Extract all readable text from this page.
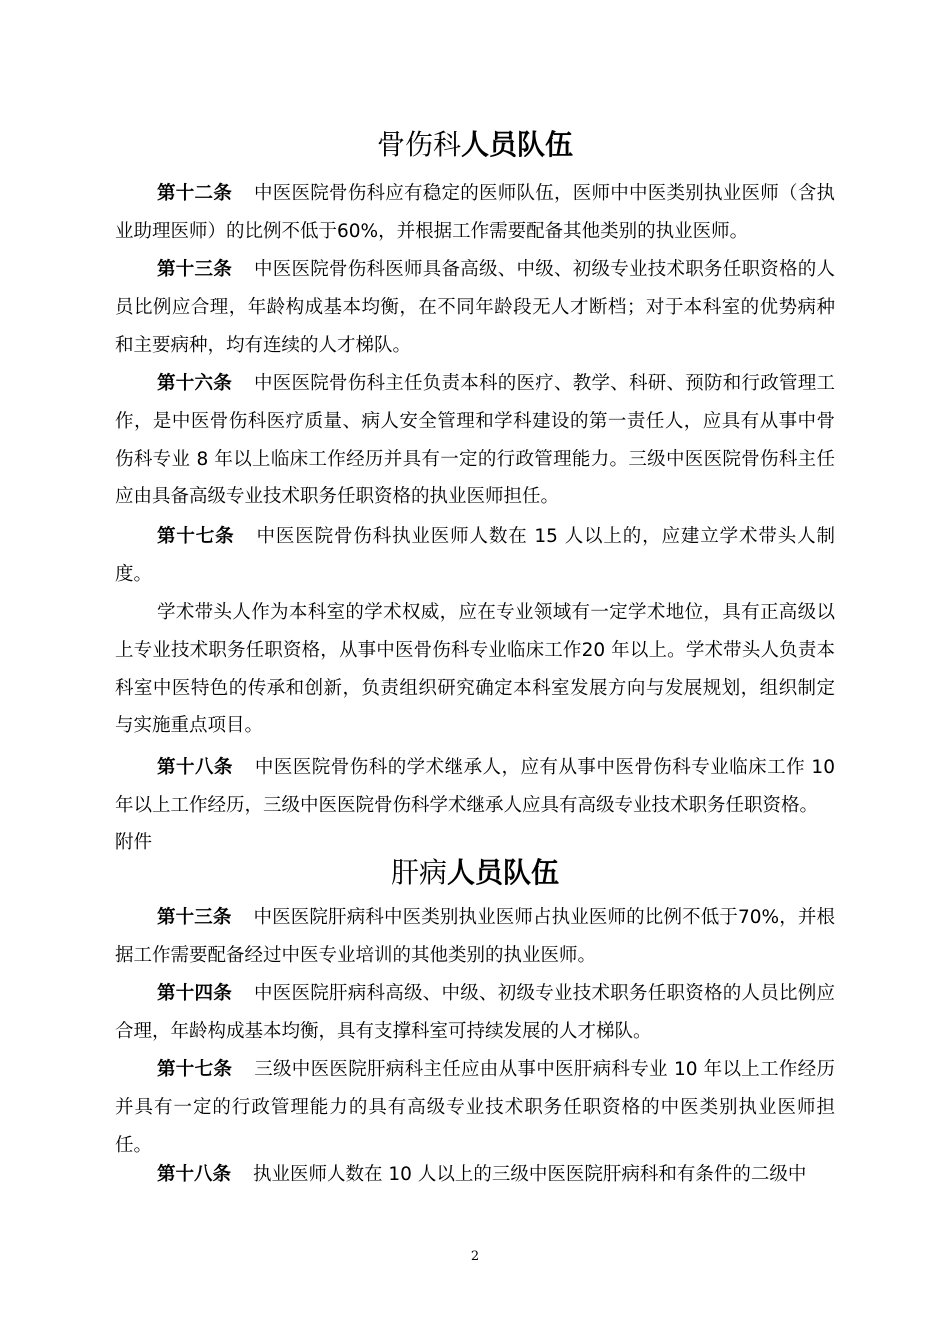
骨伤科人员队伍

第十二条 中医医院骨伤科应有稳定的医师队伍，医师中中医类别执业医师（含执业助理医师）的比例不低于60%，并根据工作需要配备其他类别的执业医师。

第十三条 中医医院骨伤科医师具备高级、中级、初级专业技术职务任职资格的人员比例应合理，年龄构成基本均衡，在不同年龄段无人才断档；对于本科室的优势病种和主要病种，均有连续的人才梯队。

第十六条 中医医院骨伤科主任负责本科的医疗、教学、科研、预防和行政管理工作，是中医骨伤科医疗质量、病人安全管理和学科建设的第一责任人，应具有从事中骨伤科专业 8 年以上临床工作经历并具有一定的行政管理能力。三级中医医院骨伤科主任应由具备高级专业技术职务任职资格的执业医师担任。

第十七条 中医医院骨伤科执业医师人数在 15 人以上的，应建立学术带头人制度。

学术带头人作为本科室的学术权威，应在专业领域有一定学术地位，具有正高级以上专业技术职务任职资格，从事中医骨伤科专业临床工作20 年以上。学术带头人负责本科室中医特色的传承和创新，负责组织研究确定本科室发展方向与发展规划，组织制定与实施重点项目。

第十八条 中医医院骨伤科的学术继承人，应有从事中医骨伤科专业临床工作 10 年以上工作经历，三级中医医院骨伤科学术继承人应具有高级专业技术职务任职资格。

附件
肝病人员队伍

第十三条 中医医院肝病科中医类别执业医师占执业医师的比例不低于70%，并根据工作需要配备经过中医专业培训的其他类别的执业医师。

第十四条 中医医院肝病科高级、中级、初级专业技术职务任职资格的人员比例应合理，年龄构成基本均衡，具有支撑科室可持续发展的人才梯队。

第十七条 三级中医医院肝病科主任应由从事中医肝病科专业 10 年以上工作经历并具有一定的行政管理能力的具有高级专业技术职务任职资格的中医类别执业医师担任。

第十八条 执业医师人数在 10 人以上的三级中医医院肝病科和有条件的二级中

2
